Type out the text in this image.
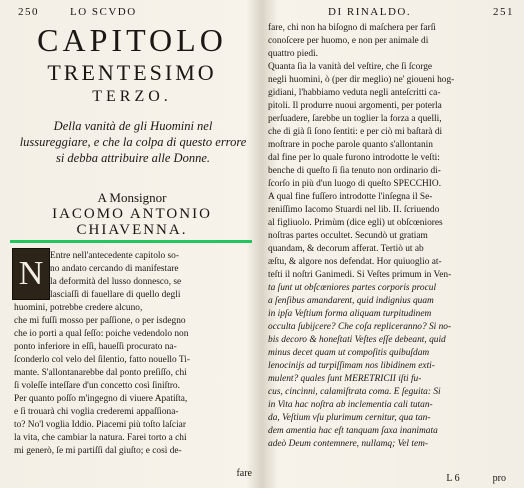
250	LO SCVDO
CAPITOLO
TRENTESIMO
TERZO.
Della vanità de gli Huomini nel lussureggiare, e che la colpa di questo errore si debba attribuire alle Donne.
A Monsignor
IACOMO ANTONIO
CHIAVENNA.
N Entre nell'antecedente capitolo so-
no andato cercando di manifestare
la deformità del lusso donnesco, se
lasciaſſi di fauellare di quello degli
huomini, potrebbe credere alcuno,
che mi fuſſi mosso per paſſione, o per isdegno
che io porti a qual ſeſſo: poiche vedendolo non
ponto inferiore in eſſi, haueſſi procurato na-
ſconderlo col velo del ſilentio, fatto nouello Ti-
mante. S'allontanarebbe dal ponto preſiſſo, chi
ſi voleſſe inteſſare d'un concetto così ſiniſtro.
Per quanto poſſo m'ingegno di viuere Apatiſta,
e ſi trouarà chi voglia crederemi appaſſiona-
to? No'l voglia Iddio. Piacemi più toſto laſciar
la vita, che cambiar la natura. Farei torto a chi
mi generò, ſe mi partiſſi dal giuſto; e così de-
fare
DI RINALDO.	251
fare, chi non ha biſogno di maſchera per farſi
conoſcere per huomo, e non per animale di
quattro piedi.
Quanta ſia la vanità del veſtire, che ſi ſcorge
negli huomini, ò (per dir meglio) ne' gioueni hog-
gidiani, l'habbiamo veduta negli anteſcritti ca-
pitoli. Il produrre nuoui argomenti, per poterla
perſuadere, ſarebbe un toglier la forza a quelli,
che di già ſi ſono ſentiti: e per ciò mi baſtarà di
moſtrare in poche parole quanto s'allontanin
dal fine per lo quale furono introdotte le veſti:
benche di queſto ſi ſia tenuto non ordinario di-
ſcorſo in più d'un luogo di queſto SPECCHIO.
A qual fine fuſſero introdotte l'inſegna il Se-
reniſſimo Iacomo Stuardi nel lib. II. ſcriuendo
al figliuolo. Primùm (dice egli) ut obſcœniores
noſtras partes occultet. Secundò ut gratiam
quandam, & decorum afferat. Tertiò ut ab
æſtu, & algore nos defendat. Hor quiuoglio at-
teſti il noſtri Ganimedi. Si Veſtes primum in Ven-
ta ſunt ut obſcœniores partes corporis procul
a ſenſibus amandarent, quid indignius quam
in ipſa Veſtium forma aliquam turpitudinem
occulta ſubijcere? Che coſa repliceranno? Si no-
bis decoro & honeſtati Veſtes eſſe debeant, quid
minus decet quam ut compoſitis quibuſdam
lenocinijs ad turpiſſimam nos libidinem exti-
mulent? quales ſunt MERETRICII iſti fu-
cus, cincinni, calamiſtrata coma. E ſeguita: Si
in Vita hac noſtra ab inclementia cali tutan-
da, Veſtium vſu plurimum cernitur, qua tan-
dem amentia hac eſt tanquam ſaxa inanimata
adeò Deum contemnere, nullamq; Vel tem-
L 6	pro
